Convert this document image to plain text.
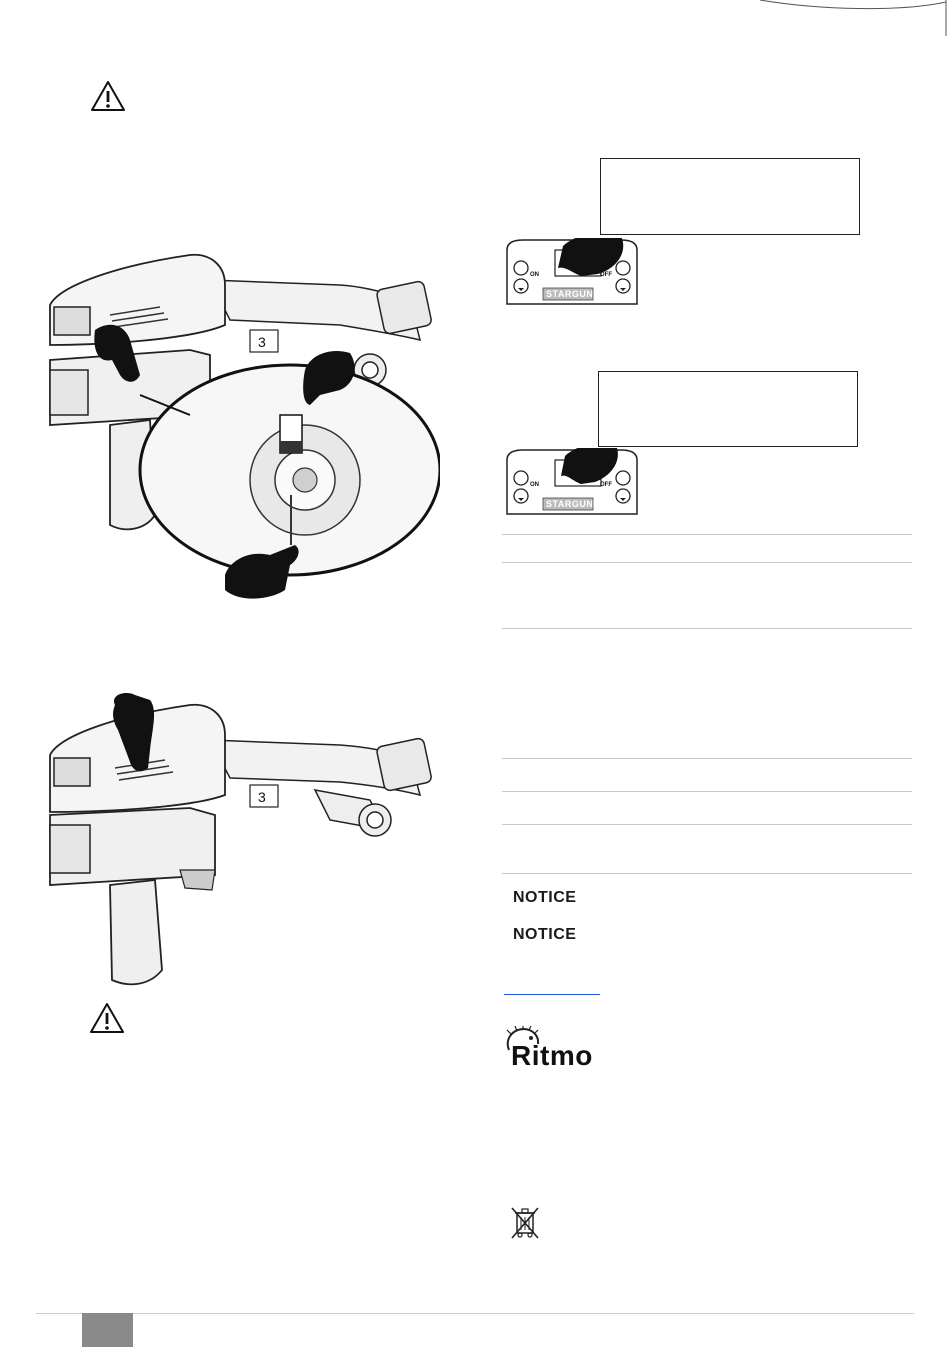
3
ON	OFF
STARGUN
ON	OFF
STARGUN
3
NOTICE
NOTICE
Ritmo
